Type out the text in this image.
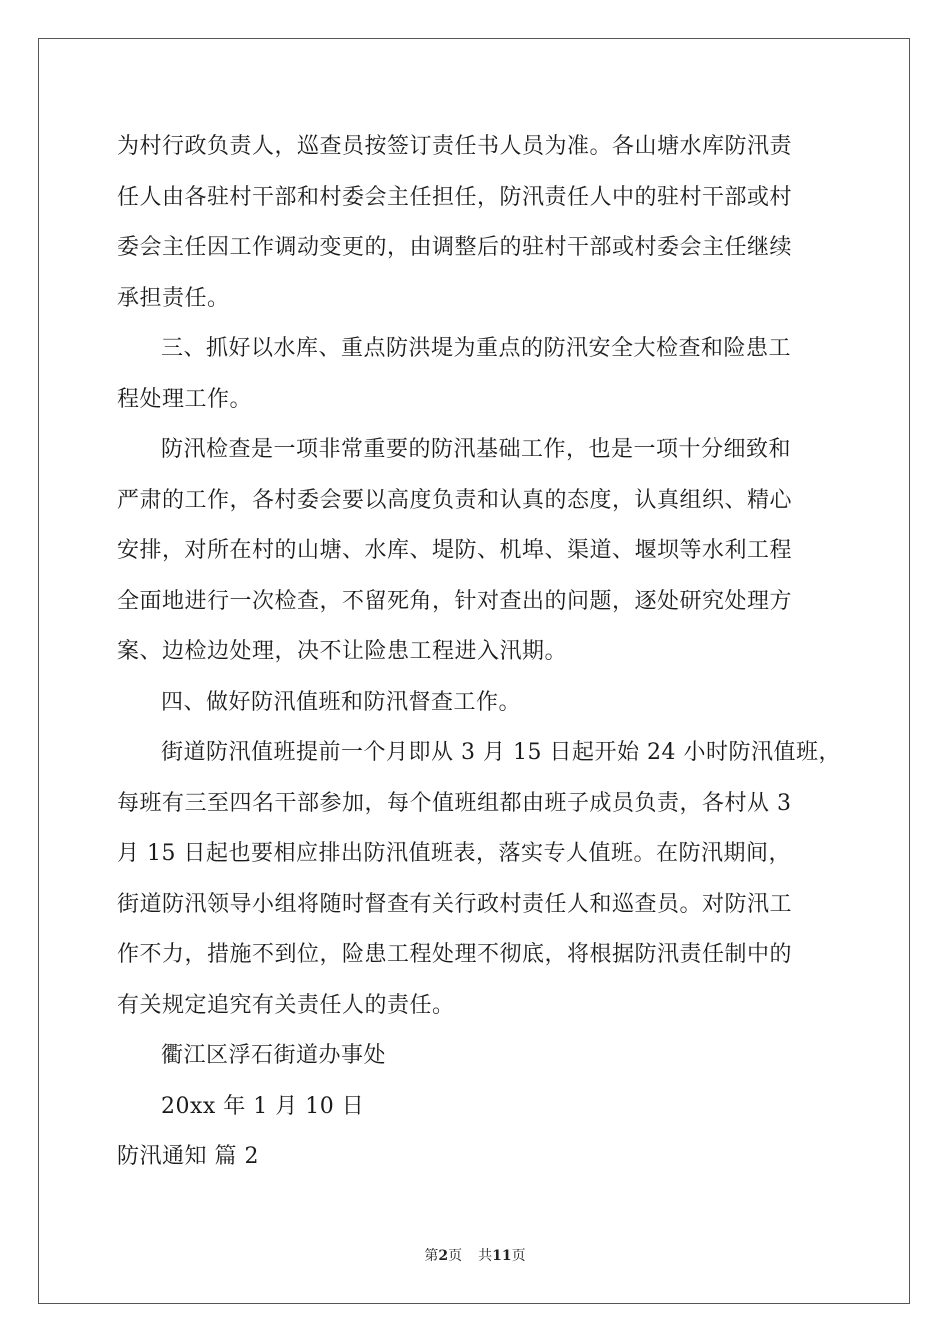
为村行政负责人，巡查员按签订责任书人员为准。各山塘水库防汛责

任人由各驻村干部和村委会主任担任，防汛责任人中的驻村干部或村

委会主任因工作调动变更的，由调整后的驻村干部或村委会主任继续

承担责任。

三、抓好以水库、重点防洪堤为重点的防汛安全大检查和险患工

程处理工作。

防汛检查是一项非常重要的防汛基础工作，也是一项十分细致和

严肃的工作，各村委会要以高度负责和认真的态度，认真组织、精心

安排，对所在村的山塘、水库、堤防、机埠、渠道、堰坝等水利工程

全面地进行一次检查，不留死角，针对查出的问题，逐处研究处理方

案、边检边处理，决不让险患工程进入汛期。

四、做好防汛值班和防汛督查工作。

街道防汛值班提前一个月即从 3 月 15 日起开始 24 小时防汛值班，

每班有三至四名干部参加，每个值班组都由班子成员负责，各村从 3

月 15 日起也要相应排出防汛值班表，落实专人值班。在防汛期间，

街道防汛领导小组将随时督查有关行政村责任人和巡查员。对防汛工

作不力，措施不到位，险患工程处理不彻底，将根据防汛责任制中的

有关规定追究有关责任人的责任。

衢江区浮石街道办事处

20xx 年 1 月 10 日

防汛通知 篇 2

第2页 共11页
